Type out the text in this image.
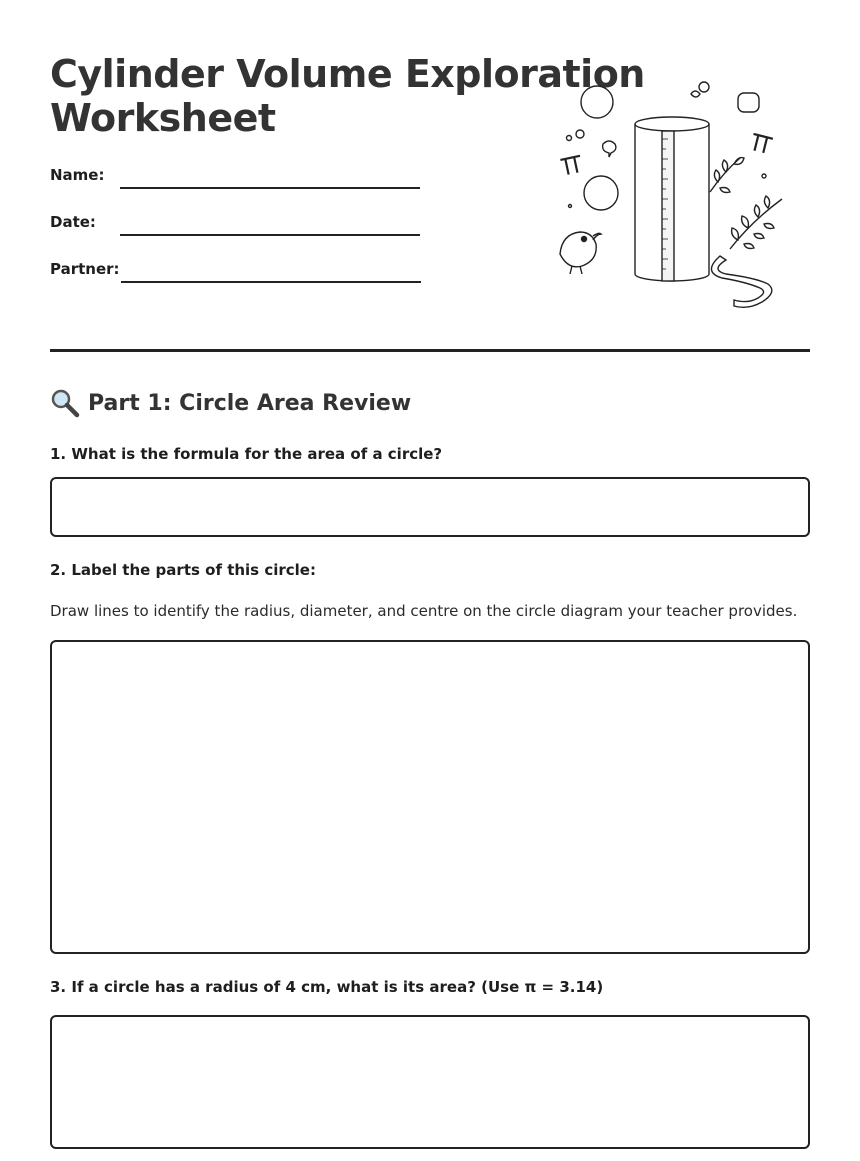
Cylinder Volume Exploration Worksheet
Name:
Date:
Partner:
Part 1: Circle Area Review
1. What is the formula for the area of a circle?
2. Label the parts of this circle:
Draw lines to identify the radius, diameter, and centre on the circle diagram your teacher provides.
3. If a circle has a radius of 4 cm, what is its area? (Use π = 3.14)
